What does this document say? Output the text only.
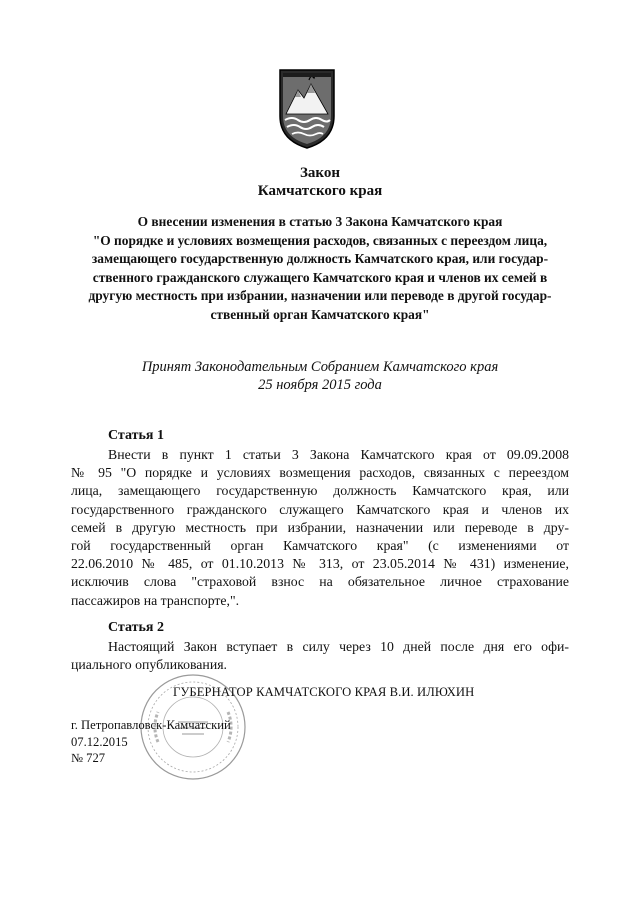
Закон
Камчатского края
О внесении изменения в статью 3 Закона Камчатского края
"О порядке и условиях возмещения расходов, связанных с переездом лица,
замещающего государственную должность Камчатского края, или государ-
ственного гражданского служащего Камчатского края и членов их семей в
другую местность при избрании, назначении или переводе в другой государ-
ственный орган Камчатского края"
Принят Законодательным Собранием Камчатского края
25 ноября 2015 года
Статья 1
Внести в пункт 1 статьи 3 Закона Камчатского края от 09.09.2008
№ 95 "О порядке и условиях возмещения расходов, связанных с переездом
лица, замещающего государственную должность Камчатского края, или
государственного гражданского служащего Камчатского края и членов их
семей в другую местность при избрании, назначении или переводе в дру-
гой государственный орган Камчатского края" (с изменениями от
22.06.2010 № 485, от 01.10.2013 № 313, от 23.05.2014 № 431) изменение,
исключив слова "страховой взнос на обязательное личное страхование
пассажиров на транспорте,".
Статья 2
Настоящий Закон вступает в силу через 10 дней после дня его офи-
циального опубликования.
ГУБЕРНАТОР КАМЧАТСКОГО КРАЯ В.И. ИЛЮХИН
г. Петропавловск-Камчатский
07.12.2015
№ 727
